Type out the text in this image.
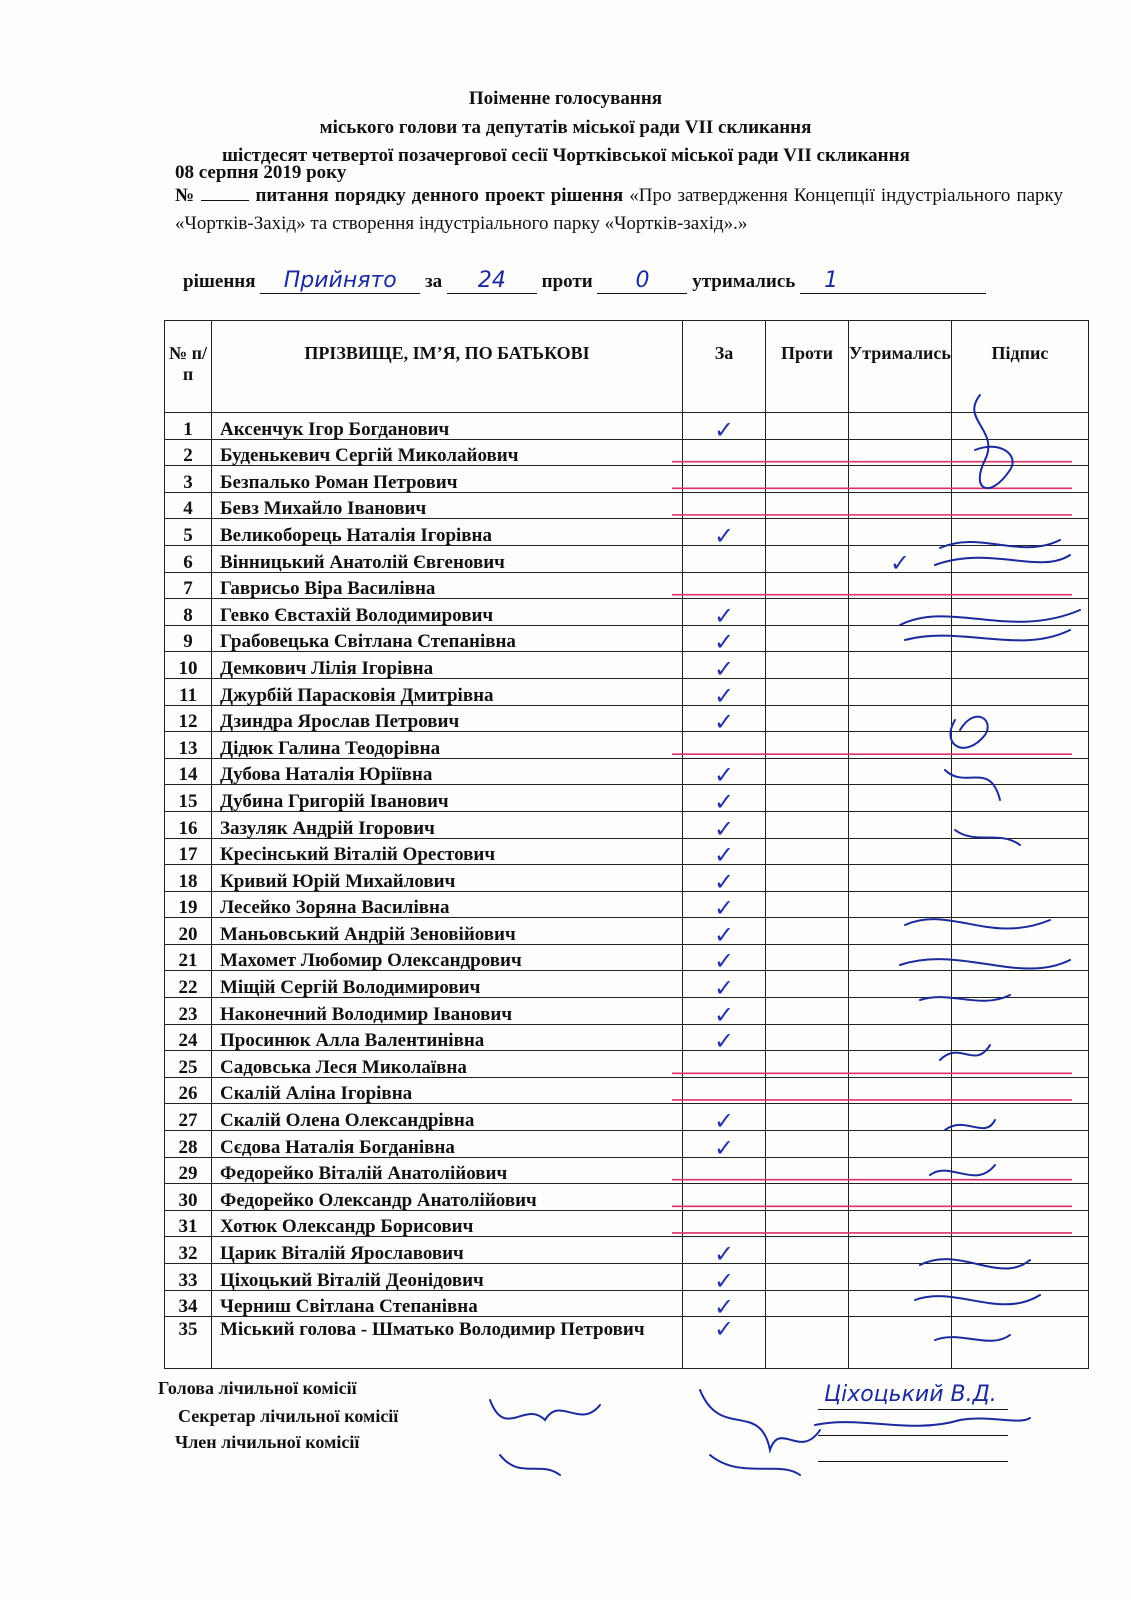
Поіменне голосування
міського голови та депутатів міської ради VII скликання
шістдесят четвертої позачергової сесії Чортківської міської ради VII скликання
08 серпня 2019 року
№	питання порядку денного проект рішення «Про затвердження Концепції індустріального парку «Чортків-Захід» та створення індустріального парку «Чортків-захід».»
рішення Прийнято за 24 проти 0 утримались 1
№ п/п	ПРІЗВИЩЕ, ІМ’Я, ПО БАТЬКОВІ	За	Проти	Утримались	Підпис
1	Аксенчук Ігор Богданович	✓			

2	Буденькевич Сергій Миколайович				
3	Безпалько Роман Петрович				
4	Бевз Михайло Іванович				
5	Великоборець Наталія Ігорівна	✓			

6	Вінницький Анатолій Євгенович			✓	

7	Гаврисьо Віра Василівна				
8	Гевко Євстахій Володимирович	✓			

9	Грабовецька Світлана Степанівна	✓			

10	Демкович Лілія Ігорівна	✓			

11	Джурбій Парасковія Дмитрівна	✓			

12	Дзиндра Ярослав Петрович	✓			

13	Дідюк Галина Теодорівна				
14	Дубова Наталія Юріївна	✓			

15	Дубина Григорій Іванович	✓			

16	Зазуляк Андрій Ігорович	✓			

17	Кресінський Віталій Орестович	✓			

18	Кривий Юрій Михайлович	✓			

19	Лесейко Зоряна Василівна	✓			

20	Маньовський Андрій Зеновійович	✓			

21	Махомет Любомир Олександрович	✓			

22	Міщій Сергій Володимирович	✓			

23	Наконечний Володимир Іванович	✓			

24	Просинюк Алла Валентинівна	✓			

25	Садовська Леся Миколаївна				
26	Скалій Аліна Ігорівна				
27	Скалій Олена Олександрівна	✓			

28	Сєдова Наталія Богданівна	✓			

29	Федорейко Віталій Анатолійович				
30	Федорейко Олександр Анатолійович				
31	Хотюк Олександр Борисович				
32	Царик Віталій Ярославович	✓			

33	Ціхоцький Віталій Деонідович	✓			

34	Черниш Світлана Степанівна	✓			

35	Міський голова - Шматько Володимир Петрович	✓			

Голова лічильної комісії
Секретар лічильної комісії
Член лічильної комісії
Ціхоцький В.Д.
